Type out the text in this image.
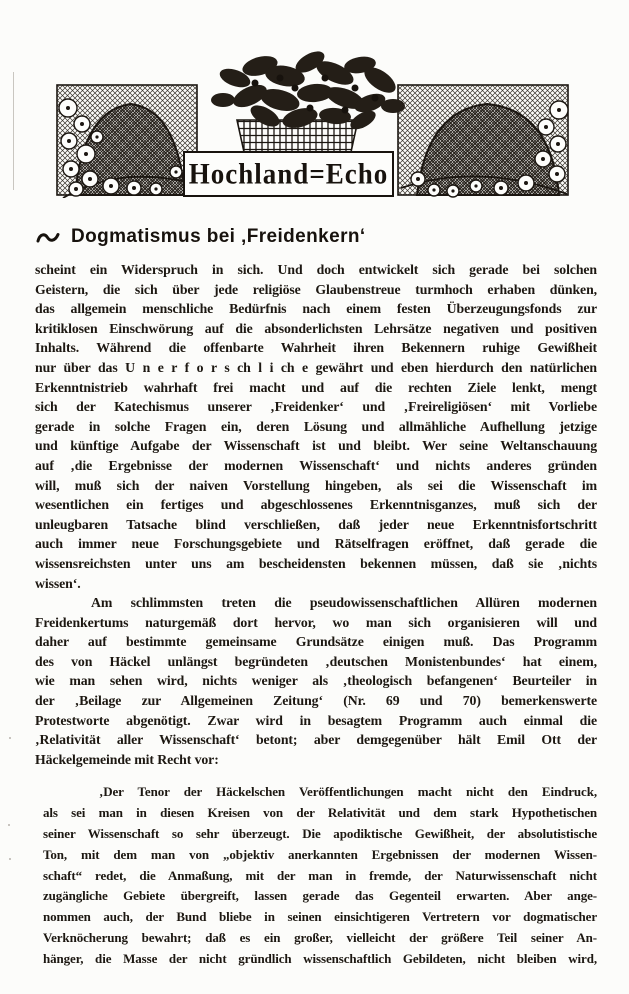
Hochland=Echo
Dogmatismus bei ‚Freidenkern‘
scheint ein Widerspruch in sich. Und doch entwickelt sich gerade bei solchen
Geistern, die sich über jede religiöse Glaubenstreue turmhoch erhaben dünken,
das allgemein menschliche Bedürfnis nach einem festen Überzeugungsfonds zur
kritiklosen Einschwörung auf die absonderlichsten Lehrsätze negativen und positiven
Inhalts. Während die offenbarte Wahrheit ihren Bekennern ruhige Gewißheit
nur über das U n e r f o r s ch l i ch e gewährt und eben hierdurch den natürlichen
Erkenntnistrieb wahrhaft frei macht und auf die rechten Ziele lenkt, mengt
sich der Katechismus unserer ‚Freidenker‘ und ‚Freireligiösen‘ mit Vorliebe
gerade in solche Fragen ein, deren Lösung und allmähliche Aufhellung jetzige
und künftige Aufgabe der Wissenschaft ist und bleibt. Wer seine Weltanschauung
auf ‚die Ergebnisse der modernen Wissenschaft‘ und nichts anderes gründen
will, muß sich der naiven Vorstellung hingeben, als sei die Wissenschaft im
wesentlichen ein fertiges und abgeschlossenes Erkenntnisganzes, muß sich der
unleugbaren Tatsache blind verschließen, daß jeder neue Erkenntnisfortschritt
auch immer neue Forschungsgebiete und Rätselfragen eröffnet, daß gerade die
wissensreichsten unter uns am bescheidensten bekennen müssen, daß sie ‚nichts
wissen‘.
Am schlimmsten treten die pseudowissenschaftlichen Allüren modernen
Freidenkertums naturgemäß dort hervor, wo man sich organisieren will und
daher auf bestimmte gemeinsame Grundsätze einigen muß. Das Programm
des von Häckel unlängst begründeten ‚deutschen Monistenbundes‘ hat einem,
wie man sehen wird, nichts weniger als ‚theologisch befangenen‘ Beurteiler in
der ‚Beilage zur Allgemeinen Zeitung‘ (Nr. 69 und 70) bemerkenswerte
Protestworte abgenötigt. Zwar wird in besagtem Programm auch einmal die
‚Relativität aller Wissenschaft‘ betont; aber demgegenüber hält Emil Ott der
Häckelgemeinde mit Recht vor:
‚Der Tenor der Häckelschen Veröffentlichungen macht nicht den Eindruck,
als sei man in diesen Kreisen von der Relativität und dem stark Hypothetischen
seiner Wissenschaft so sehr überzeugt. Die apodiktische Gewißheit, der absolutistische
Ton, mit dem man von „objektiv anerkannten Ergebnissen der modernen Wissen-
schaft“ redet, die Anmaßung, mit der man in fremde, der Naturwissenschaft nicht
zugängliche Gebiete übergreift, lassen gerade das Gegenteil erwarten. Aber ange-
nommen auch, der Bund bliebe in seinen einsichtigeren Vertretern vor dogmatischer
Verknöcherung bewahrt; daß es ein großer, vielleicht der größere Teil seiner An-
hänger, die Masse der nicht gründlich wissenschaftlich Gebildeten, nicht bleiben wird,
